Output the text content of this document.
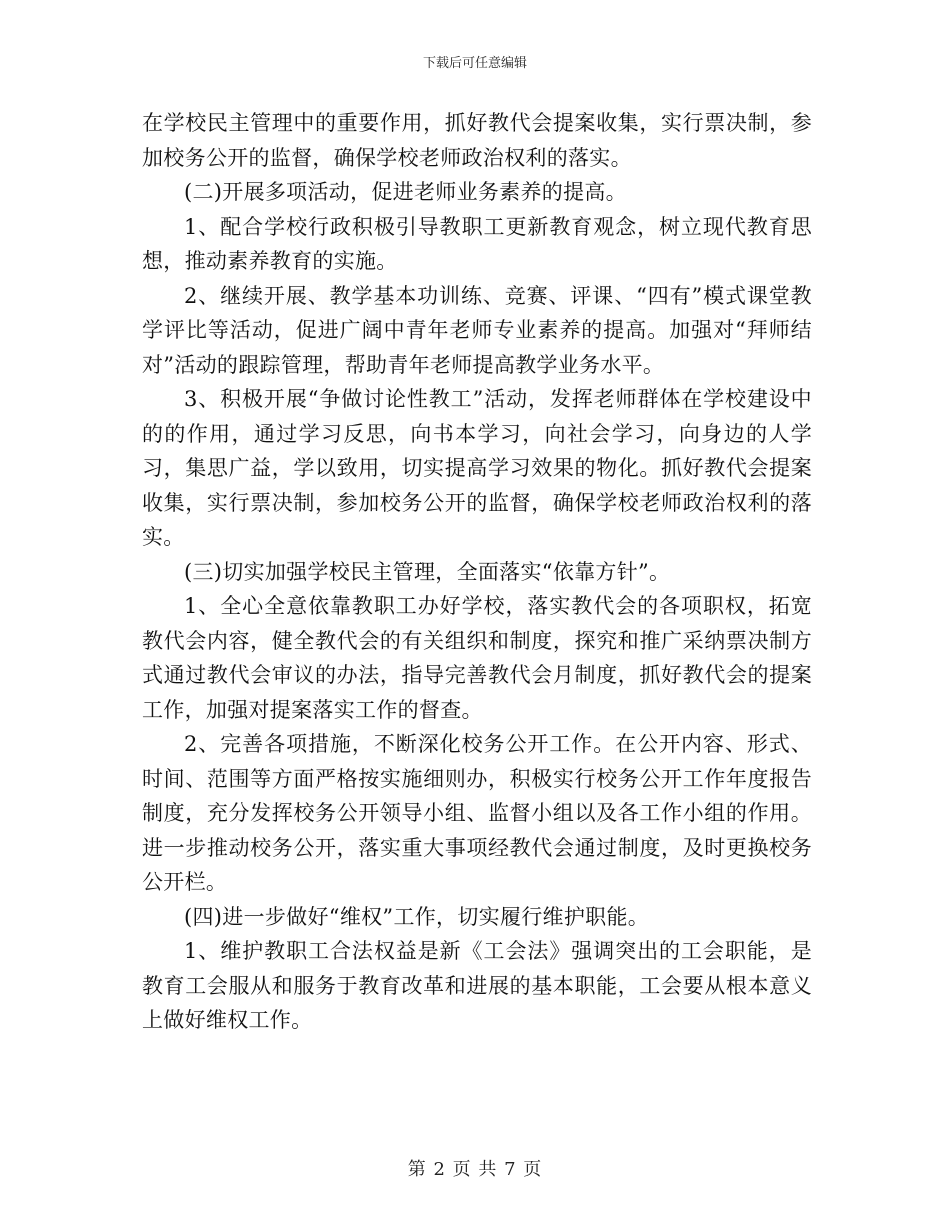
下载后可任意编辑

在学校民主管理中的重要作用，抓好教代会提案收集，实行票决制，参加校务公开的监督，确保学校老师政治权利的落实。

(二)开展多项活动，促进老师业务素养的提高。

1、配合学校行政积极引导教职工更新教育观念，树立现代教育思想，推动素养教育的实施。

2、继续开展、教学基本功训练、竞赛、评课、“四有”模式课堂教学评比等活动，促进广阔中青年老师专业素养的提高。加强对“拜师结对”活动的跟踪管理，帮助青年老师提高教学业务水平。

3、积极开展“争做讨论性教工”活动，发挥老师群体在学校建设中的的作用，通过学习反思，向书本学习，向社会学习，向身边的人学习，集思广益，学以致用，切实提高学习效果的物化。抓好教代会提案收集，实行票决制，参加校务公开的监督，确保学校老师政治权利的落实。

(三)切实加强学校民主管理，全面落实“依靠方针”。

1、全心全意依靠教职工办好学校，落实教代会的各项职权，拓宽教代会内容，健全教代会的有关组织和制度，探究和推广采纳票决制方式通过教代会审议的办法，指导完善教代会月制度，抓好教代会的提案工作，加强对提案落实工作的督查。

2、完善各项措施，不断深化校务公开工作。在公开内容、形式、时间、范围等方面严格按实施细则办，积极实行校务公开工作年度报告制度，充分发挥校务公开领导小组、监督小组以及各工作小组的作用。进一步推动校务公开，落实重大事项经教代会通过制度，及时更换校务公开栏。

(四)进一步做好“维权”工作，切实履行维护职能。

1、维护教职工合法权益是新《工会法》强调突出的工会职能，是教育工会服从和服务于教育改革和进展的基本职能，工会要从根本意义上做好维权工作。

第 2 页 共 7 页
